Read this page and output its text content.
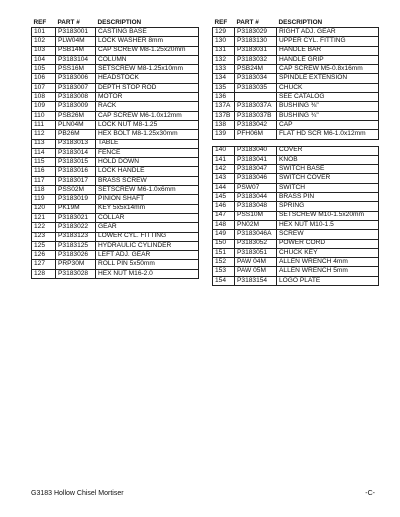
REF	PART #	DESCRIPTION
101	P3183001	CASTING BASE
102	PLW04M	LOCK WASHER 8mm
103	PSB14M	CAP SCREW M8-1.25x20mm
104	P3183104	COLUMN
105	PSS16M	SETSCREW M8-1.25x10mm
106	P3183006	HEADSTOCK
107	P3183007	DEPTH STOP ROD
108	P3183008	MOTOR
109	P3183009	RACK
110	PSB26M	CAP SCREW M6-1.0x12mm
111	PLN04M	LOCK NUT M8-1.25
112	PB26M	HEX BOLT M8-1.25x30mm
113	P3183013	TABLE
114	P3183014	FENCE
115	P3183015	HOLD DOWN
116	P3183016	LOCK HANDLE
117	P3183017	BRASS SCREW
118	PSS02M	SETSCREW M6-1.0x6mm
119	P3183019	PINION SHAFT
120	PK19M	KEY 5x5x14mm
121	P3183021	COLLAR
122	P3183022	GEAR
123	P3183123	LOWER CYL. FITTING
125	P3183125	HYDRAULIC CYLINDER
126	P3183026	LEFT ADJ. GEAR
127	PRP30M	ROLL PIN 5x50mm
128	P3183028	HEX NUT M16-2.0
REF	PART #	DESCRIPTION
129	P3183029	RIGHT ADJ. GEAR
130	P3183130	UPPER CYL. FITTING
131	P3183031	HANDLE BAR
132	P3183032	HANDLE GRIP
133	PSB24M	CAP SCREW M5-0.8x16mm
134	P3183034	SPINDLE EXTENSION
135	P3183035	CHUCK
136		SEE CATALOG
137A	P3183037A	BUSHING ⅜"
137B	P3183037B	BUSHING ¾"
138	P3183042	CAP
139	PFH06M	FLAT HD SCR M6-1.0x12mm

140	P3183040	COVER
141	P3183041	KNOB
142	P3183047	SWITCH BASE
143	P3183046	SWITCH COVER
144	PSW07	SWITCH
145	P3183044	BRASS PIN
146	P3183048	SPRING
147	PSS10M	SETSCREW M10-1.5x20mm
148	PN02M	HEX NUT M10-1.5
149	P3183046A	SCREW
150	P3183052	POWER CORD
151	P3183051	CHUCK KEY
152	PAW 04M	ALLEN WRENCH 4mm
153	PAW 05M	ALLEN WRENCH 5mm
154	P3183154	LOGO PLATE
G3183 Hollow Chisel Mortiser	-C-
